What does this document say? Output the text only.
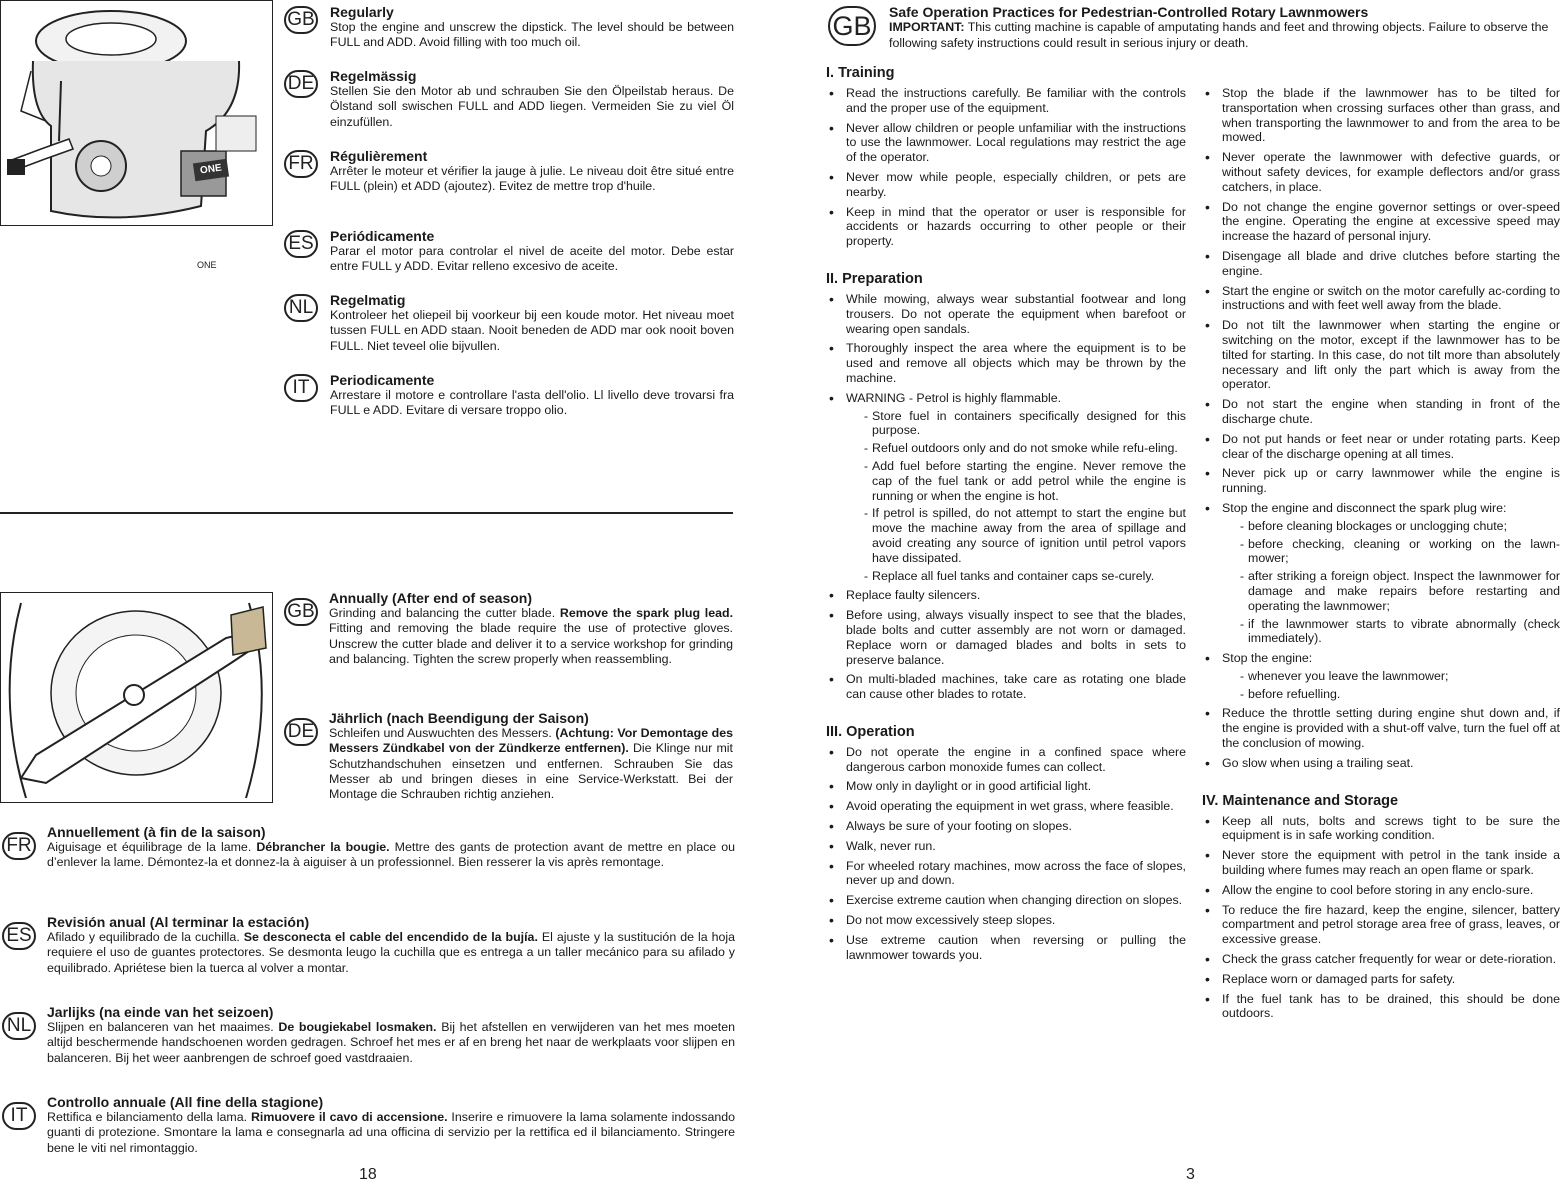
ONE
ONE
GB Regularly

Stop the engine and unscrew the dipstick. The level should be between FULL and ADD. Avoid filling with too much oil.

DE Regelmässig

Stellen Sie den Motor ab und schrauben Sie den Ölpeilstab heraus. De Ölstand soll swischen FULL and ADD liegen. Vermeiden Sie zu viel Öl einzufüllen.

FR	Régulièrement

Arrêter le moteur et vérifier la jauge à julie. Le niveau doit être situé entre FULL (plein) et ADD (ajoutez). Evitez de mettre trop d'huile.

ES	Periódicamente

Parar el motor para controlar el nivel de aceite del motor. Debe estar entre FULL y ADD. Evitar relleno excesivo de aceite.

NL	Regelmatig

Kontroleer het oliepeil bij voorkeur bij een koude motor. Het niveau moet tussen FULL en ADD staan. Nooit beneden de ADD mar ook nooit boven FULL. Niet teveel olie bijvullen.

IT	Periodicamente

Arrestare il motore e controllare l'asta dell'olio. Ll livello deve trovarsi fra FULL e ADD. Evitare di versare troppo olio.

GB
Annually (After end of season)

Grinding and balancing the cutter blade. Remove the spark plug lead. Fitting and removing the blade require the use of protective gloves. Unscrew the cutter blade and deliver it to a service workshop for grinding and balancing. Tighten the screw properly when reassembling.

DE
Jährlich (nach Beendigung der Saison)

Schleifen und Auswuchten des Messers. (Achtung: Vor Demontage des Messers Zündkabel von der Zündkerze entfernen). Die Klinge nur mit Schutzhandschuhen einsetzen und entfernen. Schrauben Sie das Messer ab und bringen dieses in eine Service-Werkstatt. Bei der Montage die Schrauben richtig anziehen.

FR
Annuellement (à fin de la saison)

Aiguisage et équilibrage de la lame. Débrancher la bougie. Mettre des gants de protection avant de mettre en place ou d’enlever la lame. Démontez-la et donnez-la à aiguiser à un professionnel. Bien resserer la vis après remontage.

ES
Revisión anual (Al terminar la estación)

Afilado y equilibrado de la cuchilla. Se desconecta el cable del encendido de la bujía. El ajuste y la sustitución de la hoja requiere el uso de guantes protectores. Se desmonta leugo la cuchilla que es entrega a un taller mecánico para su afilado y equilibrado. Apriétese bien la tuerca al volver a montar.

NL
Jarlijks (na einde van het seizoen)

Slijpen en balanceren van het maaimes. De bougiekabel losmaken. Bij het afstellen en verwijderen van het mes moeten altijd beschermende handschoenen worden gedragen. Schroef het mes er af en breng het naar de werkplaats voor slijpen en balanceren. Bij het weer aanbrengen de schroef goed vastdraaien.

IT
Controllo annuale (All fine della stagione)

Rettifica e bilanciamento della lama. Rimuovere il cavo di accensione. Inserire e rimuovere la lama solamente indossando guanti di protezione. Smontare la lama e consegnarla ad una officina di servizio per la rettifica ed il bilanciamento. Stringere bene le viti nel rimontaggio.

18
GB	Safe Operation Practices for Pedestrian-Controlled Rotary Lawnmowers
IMPORTANT: This cutting machine is capable of amputating hands and feet and throwing objects. Failure to observe the following safety instructions could result in serious injury or death.
I. Training
• Read the instructions carefully. Be familiar with the controls and the proper use of the equipment.
• Never allow children or people unfamiliar with the instructions to use the lawnmower. Local regulations may restrict the age of the operator.
• Never mow while people, especially children, or pets are nearby.
• Keep in mind that the operator or user is responsible for accidents or hazards occurring to other people or their property.
II. Preparation
• While mowing, always wear substantial footwear and long trousers. Do not operate the equipment when barefoot or wearing open sandals.
• Thoroughly inspect the area where the equipment is to be used and remove all objects which may be thrown by the machine.
• WARNING - Petrol is highly flammable.
- Store fuel in containers specifically designed for this purpose.
- Refuel outdoors only and do not smoke while refu-eling.
- Add fuel before starting the engine. Never remove the cap of the fuel tank or add petrol while the engine is running or when the engine is hot.
- If petrol is spilled, do not attempt to start the engine but move the machine away from the area of spillage and avoid creating any source of ignition until petrol vapors have dissipated.
- Replace all fuel tanks and container caps se-curely.
• Replace faulty silencers.
• Before using, always visually inspect to see that the blades, blade bolts and cutter assembly are not worn or damaged. Replace worn or damaged blades and bolts in sets to preserve balance.
• On multi-bladed machines, take care as rotating one blade can cause other blades to rotate.
III. Operation
• Do not operate the engine in a confined space where dangerous carbon monoxide fumes can collect.
• Mow only in daylight or in good artificial light.
• Avoid operating the equipment in wet grass, where feasible.
• Always be sure of your footing on slopes.
• Walk, never run.
• For wheeled rotary machines, mow across the face of slopes, never up and down.
• Exercise extreme caution when changing direction on slopes.
• Do not mow excessively steep slopes.
• Use extreme caution when reversing or pulling the lawnmower towards you.
• Stop the blade if the lawnmower has to be tilted for transportation when crossing surfaces other than grass, and when transporting the lawnmower to and from the area to be mowed.
• Never operate the lawnmower with defective guards, or without safety devices, for example deflectors and/or grass catchers, in place.
• Do not change the engine governor settings or over-speed the engine. Operating the engine at excessive speed may increase the hazard of personal injury.
• Disengage all blade and drive clutches before starting the engine.
• Start the engine or switch on the motor carefully ac-cording to instructions and with feet well away from the blade.
• Do not tilt the lawnmower when starting the engine or switching on the motor, except if the lawnmower has to be tilted for starting. In this case, do not tilt more than absolutely necessary and lift only the part which is away from the operator.
• Do not start the engine when standing in front of the discharge chute.
• Do not put hands or feet near or under rotating parts. Keep clear of the discharge opening at all times.
• Never pick up or carry lawnmower while the engine is running.
• Stop the engine and disconnect the spark plug wire:
- before cleaning blockages or unclogging chute;
- before checking, cleaning or working on the lawn-mower;
- after striking a foreign object. Inspect the lawnmower for damage and make repairs before restarting and operating the lawnmower;
- if the lawnmower starts to vibrate abnormally (check immediately).
• Stop the engine:
- whenever you leave the lawnmower;
- before refuelling.
• Reduce the throttle setting during engine shut down and, if the engine is provided with a shut-off valve, turn the fuel off at the conclusion of mowing.
• Go slow when using a trailing seat.
IV. Maintenance and Storage
• Keep all nuts, bolts and screws tight to be sure the equipment is in safe working condition.
• Never store the equipment with petrol in the tank inside a building where fumes may reach an open flame or spark.
• Allow the engine to cool before storing in any enclo-sure.
• To reduce the fire hazard, keep the engine, silencer, battery compartment and petrol storage area free of grass, leaves, or excessive grease.
• Check the grass catcher frequently for wear or dete-rioration.
• Replace worn or damaged parts for safety.
• If the fuel tank has to be drained, this should be done outdoors.
3
